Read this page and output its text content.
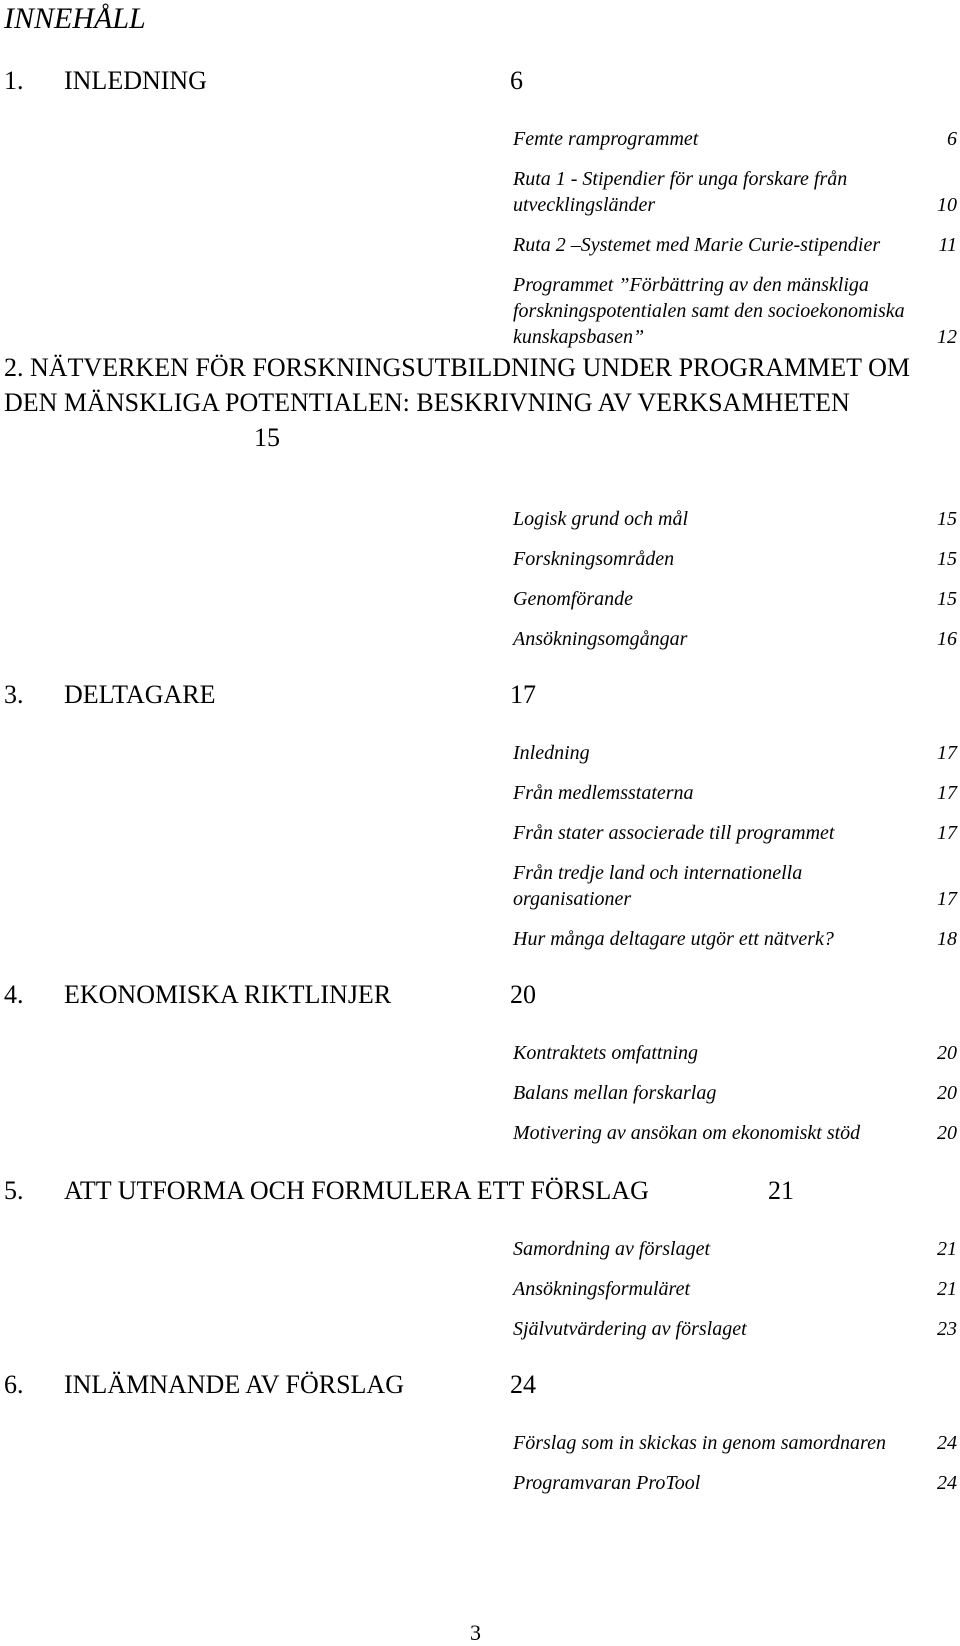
INNEHÅLL
1. INLEDNING	6
Femte ramprogrammet	6
Ruta 1 - Stipendier för unga forskare från utvecklingsländer	10
Ruta 2 –Systemet med Marie Curie-stipendier	11
Programmet ”Förbättring av den mänskliga forskningspotentialen samt den socioekonomiska kunskapsbasen”	12
2. NÄTVERKEN FÖR FORSKNINGSUTBILDNING UNDER PROGRAMMET OM DEN MÄNSKLIGA POTENTIALEN: BESKRIVNING AV VERKSAMHETEN 15
Logisk grund och mål	15
Forskningsområden	15
Genomförande	15
Ansökningsomgångar	16
3. DELTAGARE	17
Inledning	17
Från medlemsstaterna	17
Från stater associerade till programmet	17
Från tredje land och internationella organisationer	17
Hur många deltagare utgör ett nätverk?	18
4. EKONOMISKA RIKTLINJER	20
Kontraktets omfattning	20
Balans mellan forskarlag	20
Motivering av ansökan om ekonomiskt stöd	20
5. ATT UTFORMA OCH FORMULERA ETT FÖRSLAG	21
Samordning av förslaget	21
Ansökningsformuläret	21
Självutvärdering av förslaget	23
6. INLÄMNANDE AV FÖRSLAG	24
Förslag som in skickas in genom samordnaren	24
Programvaran ProTool	24
3
